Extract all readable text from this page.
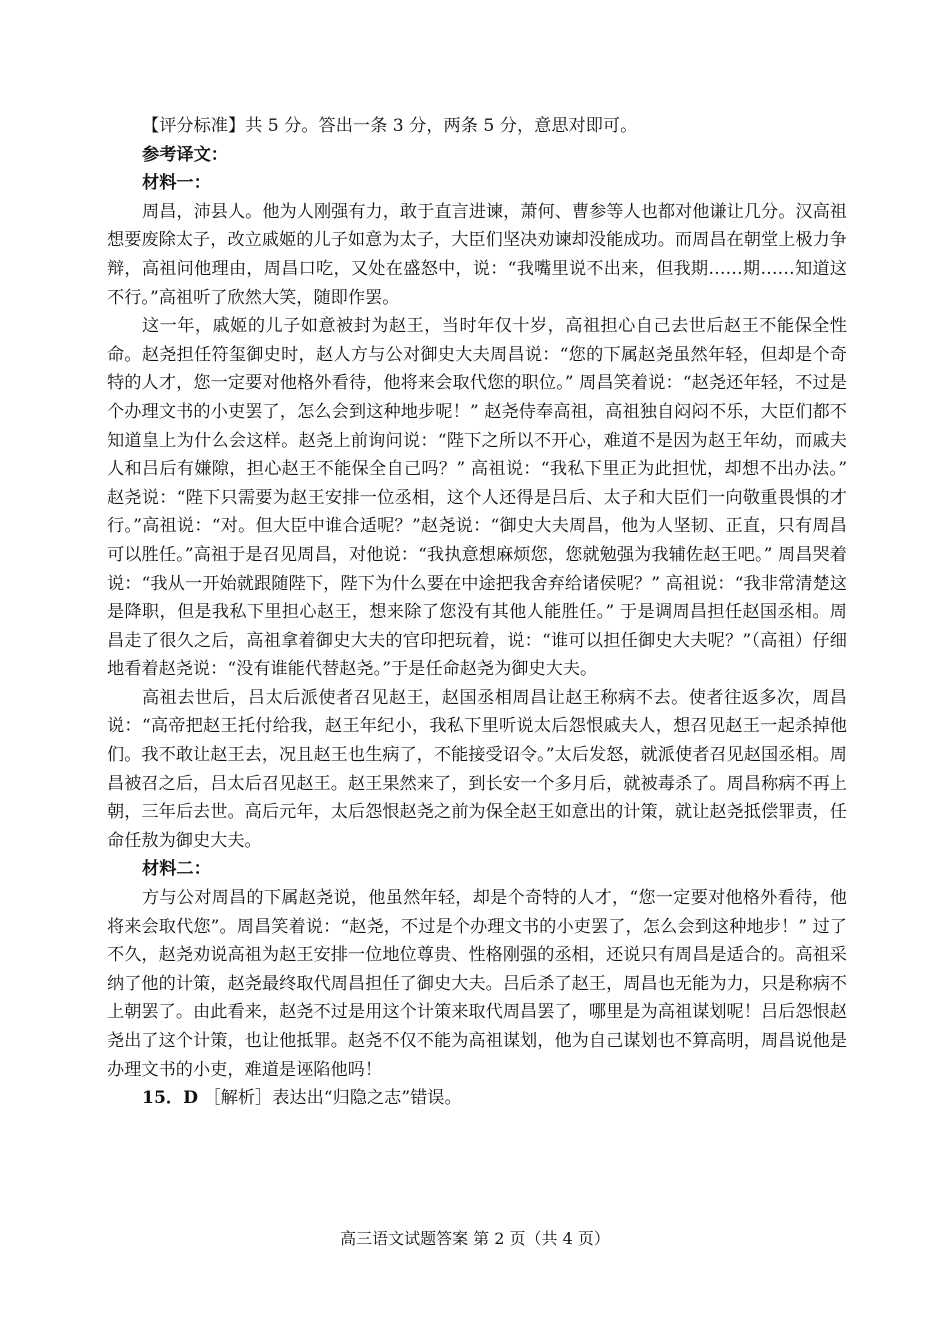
【评分标准】共 5 分。答出一条 3 分，两条 5 分，意思对即可。

参考译文：

材料一：

周昌，沛县人。他为人刚强有力，敢于直言进谏，萧何、曹参等人也都对他谦让几分。汉高祖想要废除太子，改立戚姬的儿子如意为太子，大臣们坚决劝谏却没能成功。而周昌在朝堂上极力争辩，高祖问他理由，周昌口吃，又处在盛怒中，说：“我嘴里说不出来，但我期……期……知道这不行。”高祖听了欣然大笑，随即作罢。

这一年，戚姬的儿子如意被封为赵王，当时年仅十岁，高祖担心自己去世后赵王不能保全性命。赵尧担任符玺御史时，赵人方与公对御史大夫周昌说：“您的下属赵尧虽然年轻，但却是个奇特的人才，您一定要对他格外看待，他将来会取代您的职位。” 周昌笑着说：“赵尧还年轻，不过是个办理文书的小吏罢了，怎么会到这种地步呢！” 赵尧侍奉高祖，高祖独自闷闷不乐，大臣们都不知道皇上为什么会这样。赵尧上前询问说：“陛下之所以不开心，难道不是因为赵王年幼，而戚夫人和吕后有嫌隙，担心赵王不能保全自己吗？” 高祖说：“我私下里正为此担忧，却想不出办法。” 赵尧说：“陛下只需要为赵王安排一位丞相，这个人还得是吕后、太子和大臣们一向敬重畏惧的才行。”高祖说：“对。但大臣中谁合适呢？”赵尧说：“御史大夫周昌，他为人坚韧、正直，只有周昌可以胜任。”高祖于是召见周昌，对他说：“我执意想麻烦您，您就勉强为我辅佐赵王吧。” 周昌哭着说：“我从一开始就跟随陛下，陛下为什么要在中途把我舍弃给诸侯呢？” 高祖说：“我非常清楚这是降职，但是我私下里担心赵王，想来除了您没有其他人能胜任。” 于是调周昌担任赵国丞相。周昌走了很久之后，高祖拿着御史大夫的官印把玩着，说：“谁可以担任御史大夫呢？”（高祖）仔细地看着赵尧说：“没有谁能代替赵尧。”于是任命赵尧为御史大夫。

高祖去世后，吕太后派使者召见赵王，赵国丞相周昌让赵王称病不去。使者往返多次，周昌说：“高帝把赵王托付给我，赵王年纪小，我私下里听说太后怨恨戚夫人，想召见赵王一起杀掉他们。我不敢让赵王去，况且赵王也生病了，不能接受诏令。”太后发怒，就派使者召见赵国丞相。周昌被召之后，吕太后召见赵王。赵王果然来了，到长安一个多月后，就被毒杀了。周昌称病不再上朝，三年后去世。高后元年，太后怨恨赵尧之前为保全赵王如意出的计策，就让赵尧抵偿罪责，任命任敖为御史大夫。

材料二：

方与公对周昌的下属赵尧说，他虽然年轻，却是个奇特的人才，“您一定要对他格外看待，他将来会取代您”。周昌笑着说：“赵尧，不过是个办理文书的小吏罢了，怎么会到这种地步！” 过了不久，赵尧劝说高祖为赵王安排一位地位尊贵、性格刚强的丞相，还说只有周昌是适合的。高祖采纳了他的计策，赵尧最终取代周昌担任了御史大夫。吕后杀了赵王，周昌也无能为力，只是称病不上朝罢了。由此看来，赵尧不过是用这个计策来取代周昌罢了，哪里是为高祖谋划呢！吕后怨恨赵尧出了这个计策，也让他抵罪。赵尧不仅不能为高祖谋划，他为自己谋划也不算高明，周昌说他是办理文书的小吏，难道是诬陷他吗！

15．D ［解析］表达出“归隐之志”错误。

高三语文试题答案 第 2 页（共 4 页）
